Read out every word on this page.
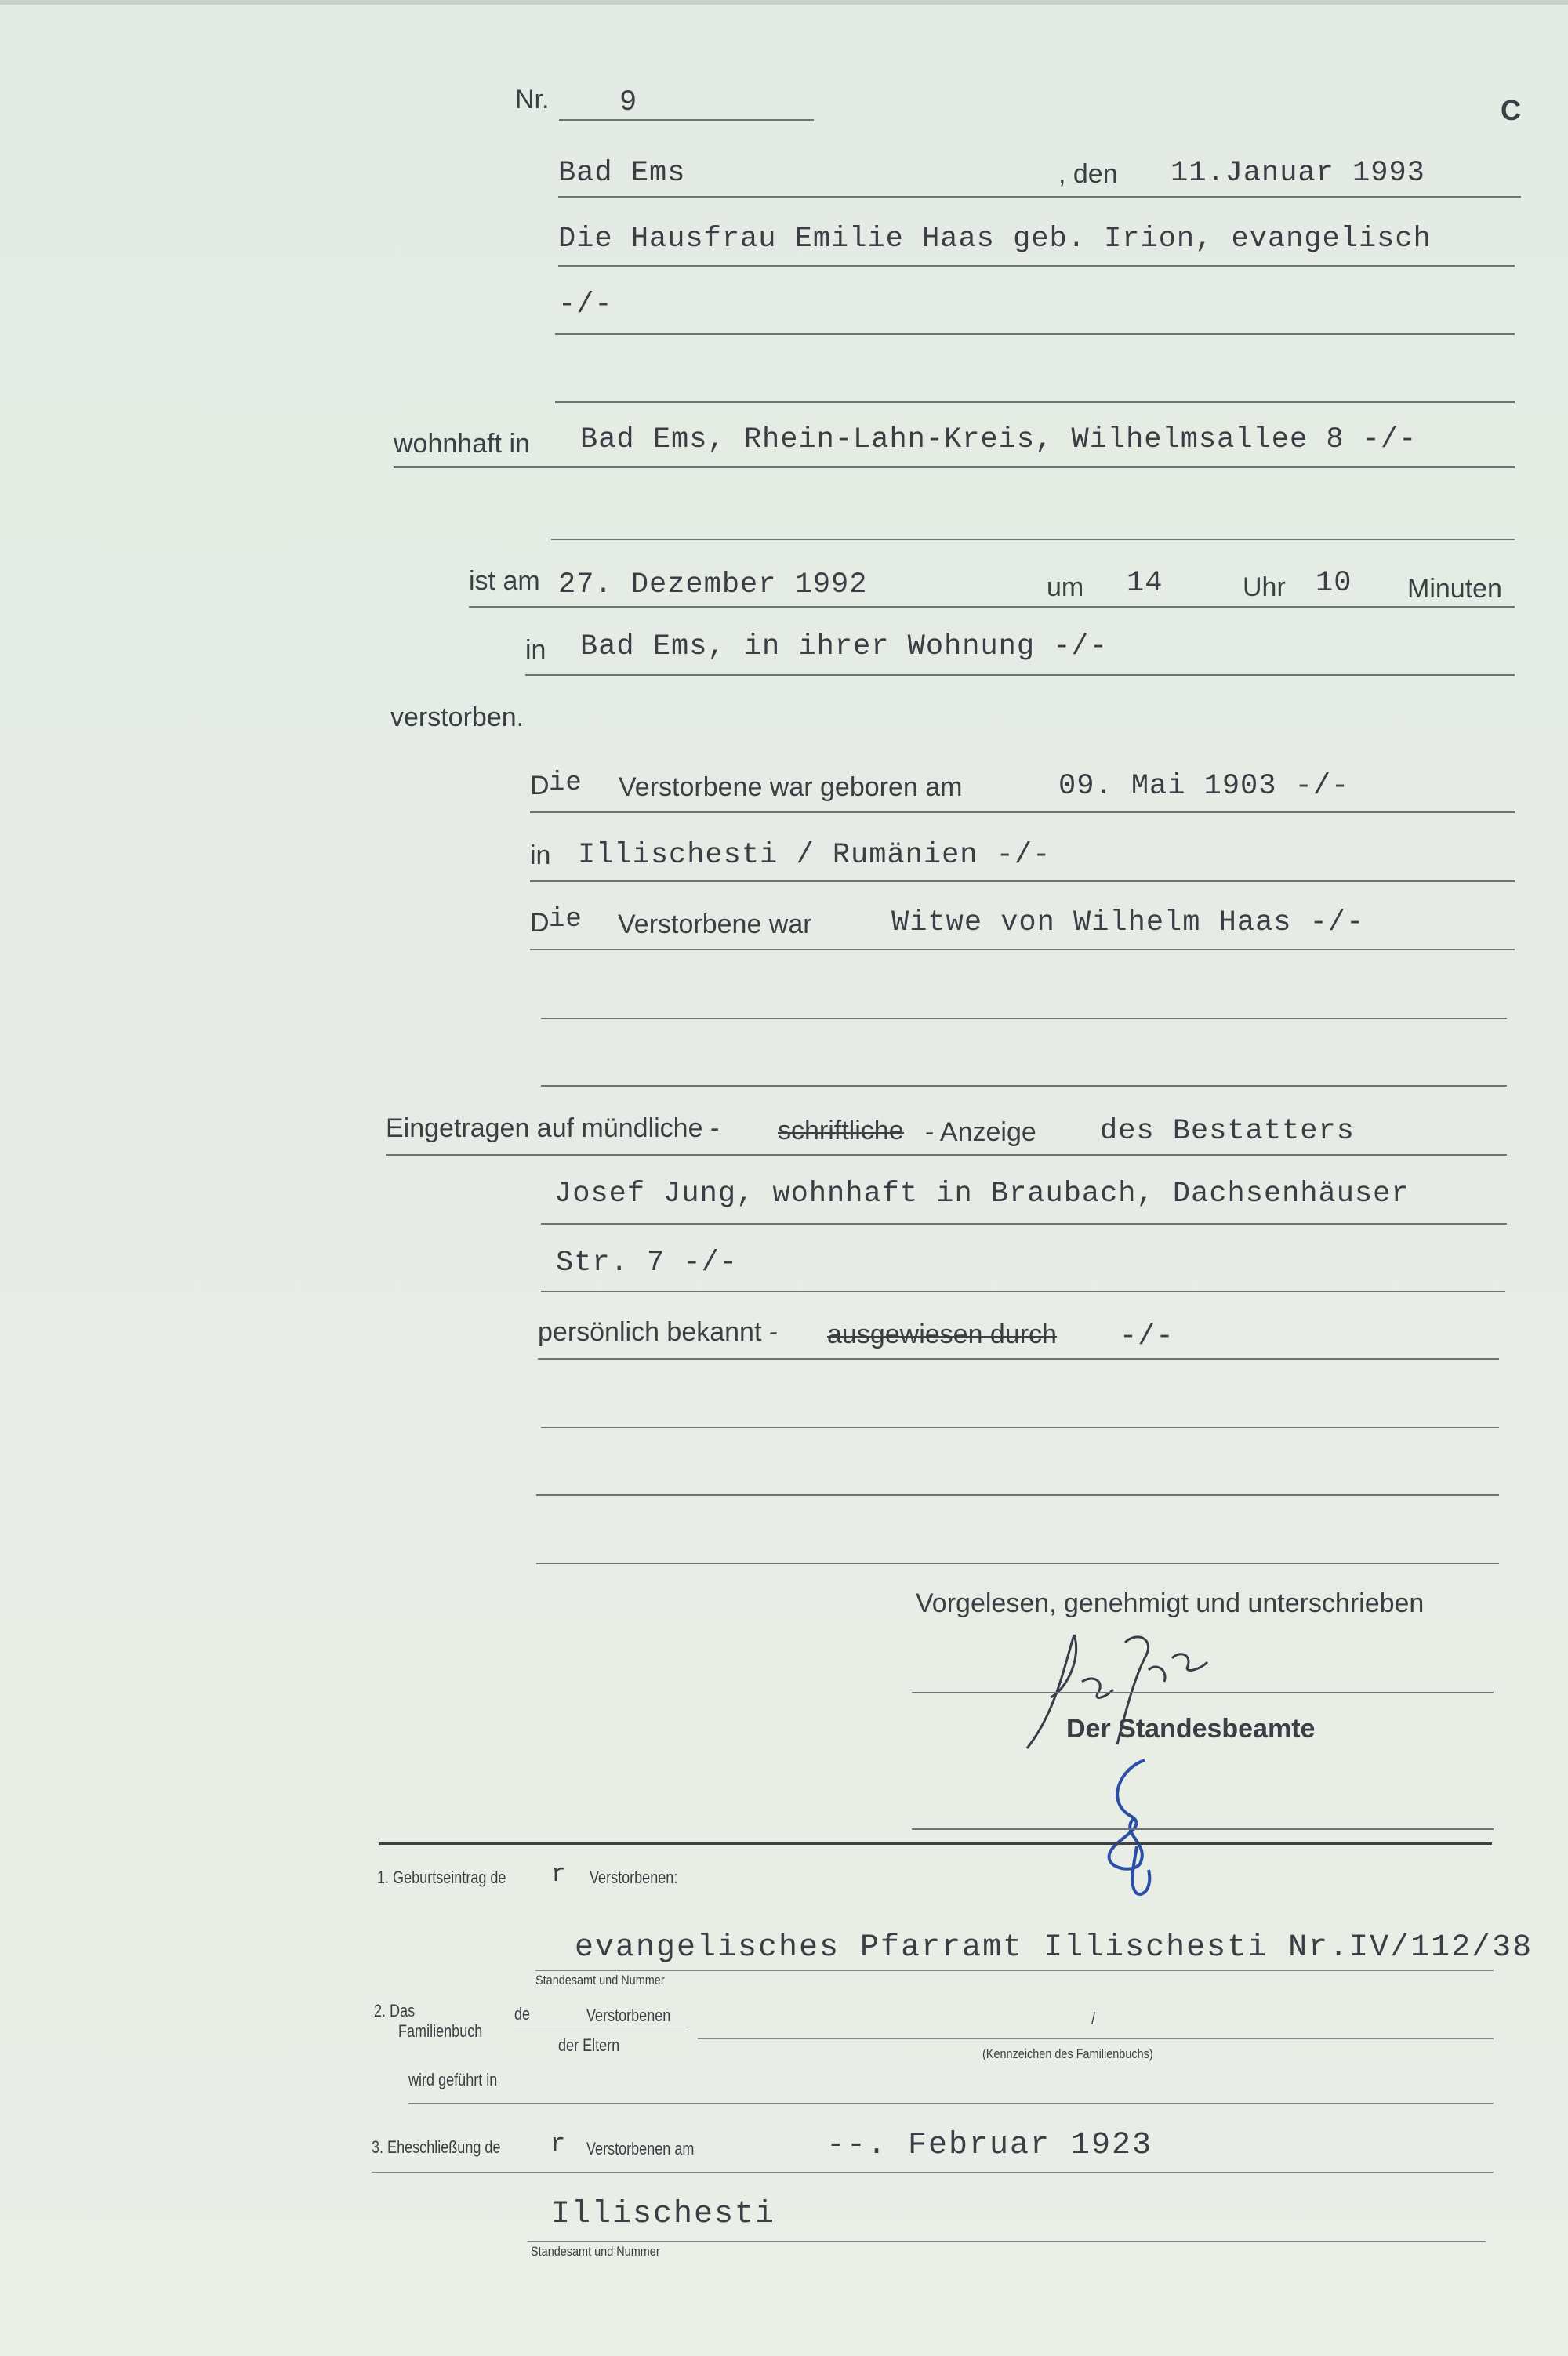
Nr. 9	C
Bad Ems	, den 11.Januar 1993
Die Hausfrau Emilie Haas geb. Irion, evangelisch
-/-
wohnhaft in Bad Ems, Rhein-Lahn-Kreis, Wilhelmsallee 8 -/-
ist am 27. Dezember 1992	um 14	Uhr 10 Minuten
in Bad Ems, in ihrer Wohnung -/-
verstorben.
D ie Verstorbene war geboren am	09. Mai 1903 -/-
in Illischesti / Rumänien -/-
D ie Verstorbene war	Witwe von Wilhelm Haas -/-
Eingetragen auf mündliche - schriftliche - Anzeige des Bestatters
Josef Jung, wohnhaft in Braubach, Dachsenhäuser
Str. 7 -/-
persönlich bekannt - ausgewiesen durch -/-
Vorgelesen, genehmigt und unterschrieben
Der Standesbeamte
1. Geburtseintrag de r Verstorbenen:
evangelisches Pfarramt Illischesti Nr.IV/112/38
Standesamt und Nummer
2. Das
Familienbuch
de	Verstorbenen
der Eltern
/
(Kennzeichen des Familienbuchs)
wird geführt in
3. Eheschließung de r Verstorbenen am	--. Februar 1923
Illischesti
Standesamt und Nummer
